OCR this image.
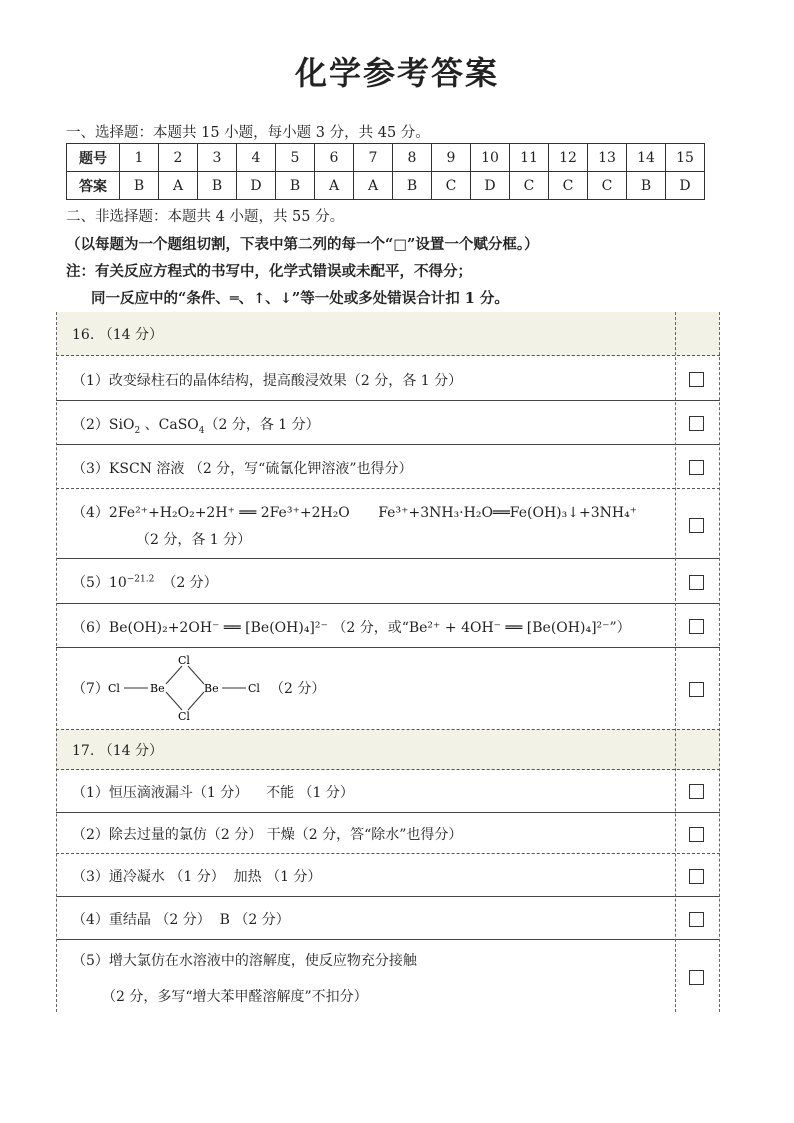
化学参考答案
一、选择题：本题共 15 小题，每小题 3 分，共 45 分。
题号	1	2	3	4	5	6	7	8	9	10	11	12	13	14	15
答案	B	A	B	D	B	A	A	B	C	D	C	C	C	B	D
二、非选择题：本题共 4 小题，共 55 分。
（以每题为一个题组切割，下表中第二列的每一个“□”设置一个赋分框。）
注：有关反应方程式的书写中，化学式错误或未配平，不得分；
同一反应中的“条件、═、↑、↓”等一处或多处错误合计扣 1 分。
16. （14 分）
（1）改变绿柱石的晶体结构，提高酸浸效果（2 分，各 1 分）
（2）SiO$_2$ 、CaSO$_4$（2 分，各 1 分）
（3）KSCN 溶液 （2 分，写“硫氰化钾溶液”也得分）
（4）2Fe²⁺+H₂O₂+2H⁺ ══ 2Fe³⁺+2H₂O Fe³⁺+3NH₃·H₂O══Fe(OH)₃↓+3NH₄⁺
（2 分，各 1 分）
$(5)10^{-21.2}$ （2 分）
（6）Be(OH)₂+2OH⁻ ══ [Be(OH)₄]²⁻ （2 分，或“Be²⁺ + 4OH⁻ ══ [Be(OH)₄]²⁻”）
（7） Cl	Be
Cl
Cl
Be	Cl （2 分）
17. （14 分）
（1）恒压滴液漏斗（1 分）    不能 （1 分）
（2）除去过量的氯仿（2 分） 干燥（2 分，答“除水”也得分）
（3）通冷凝水 （1 分）  加热 （1 分）
（4）重结晶 （2 分）  B （2 分）
（5）增大氯仿在水溶液中的溶解度，使反应物充分接触
（2 分，多写“增大苯甲醛溶解度”不扣分）
